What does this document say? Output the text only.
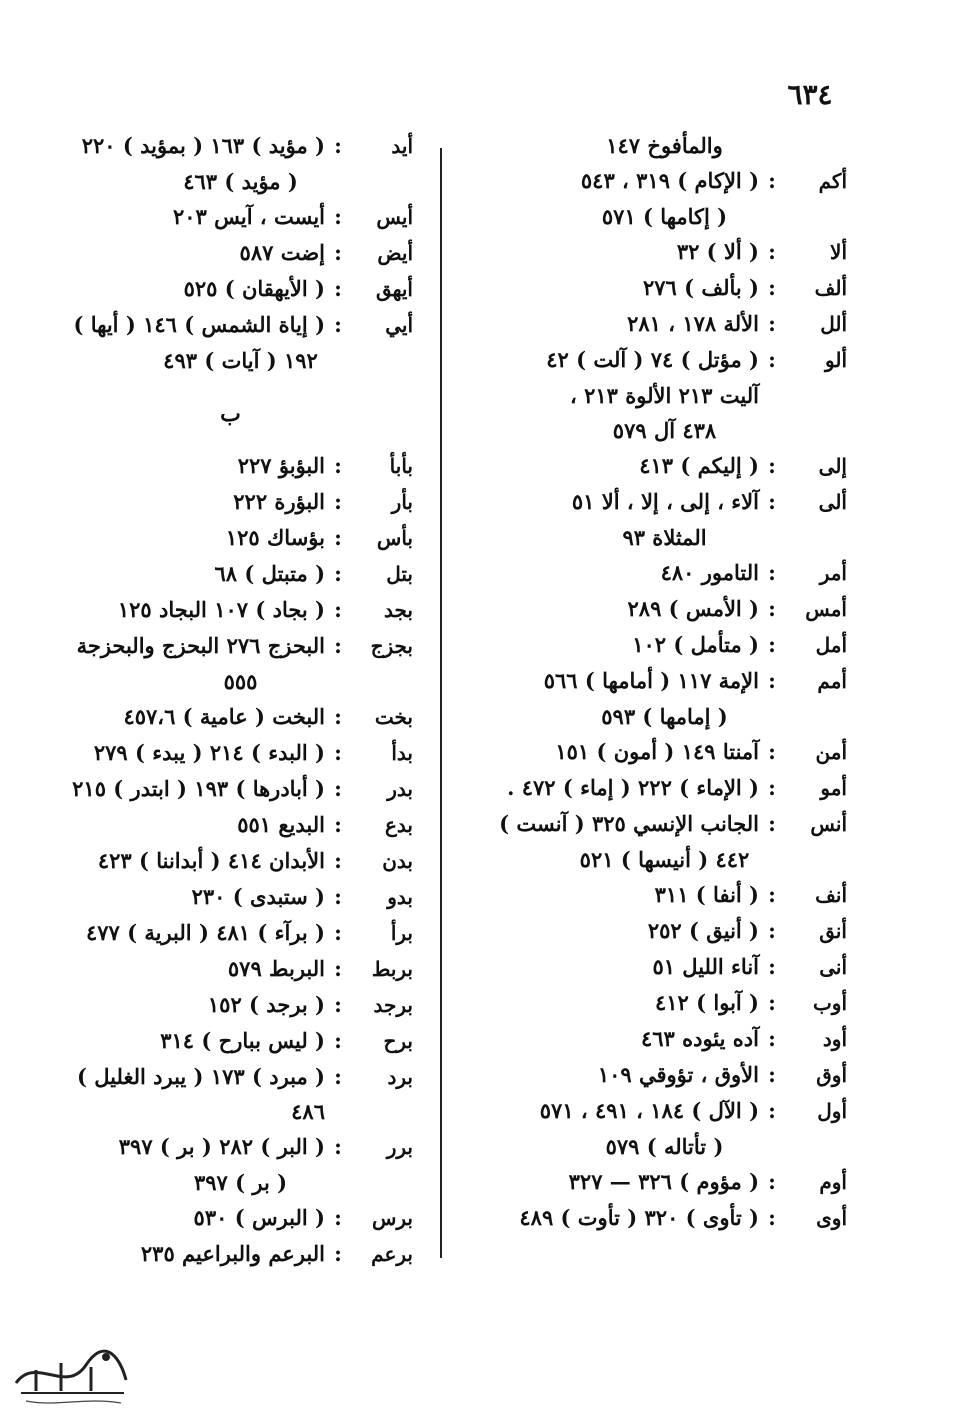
٦٣٤
والمأفوخ ١٤٧
أكم
:
( الإكام ) ٣١٩ ، ٥٤٣
( إكامها ) ٥٧١
ألا
:
( ألا ) ٣٢
ألف
:
( بألف ) ٢٧٦
ألل
:
الألة ١٧٨ ، ٢٨١
ألو
:
( مؤتل ) ٧٤ ( آلت ) ٤٢
آليت ٢١٣ الألوة ٢١٣ ،
٤٣٨ آل ٥٧٩
إلى
:
( إليكم ) ٤١٣
ألى
:
آلاء ، إلى ، إلا ، ألا ٥١
المثلاة ٩٣
أمر
:
التامور ٤٨٠
أمس
:
( الأمس ) ٢٨٩
أمل
:
( متأمل ) ١٠٢
أمم
:
الإمة ١١٧ ( أمامها ) ٥٦٦
( إمامها ) ٥٩٣
أمن
:
آمنتا ١٤٩ ( أمون ) ١٥١
أمو
:
( الإماء ) ٢٢٢ ( إماء ) ٤٧٢ .
أنس
:
الجانب الإنسي ٣٢٥ ( آنست )
٤٤٢ ( أنيسها ) ٥٢١
أنف
:
( أنفا ) ٣١١
أنق
:
( أنيق ) ٢٥٢
أنى
:
آناء الليل ٥١
أوب
:
( آبوا ) ٤١٢
أود
:
آده يئوده ٤٦٣
أوق
:
الأوق ، تؤوقي ١٠٩
أول
:
( الآل ) ١٨٤ ، ٤٩١ ، ٥٧١
( تأتاله ) ٥٧٩
أوم
:
( مؤوم ) ٣٢٦ — ٣٢٧
أوى
:
( تأوى ) ٣٢٠ ( تأوت ) ٤٨٩
أيد
:
( مؤيد ) ١٦٣ ( بمؤيد ) ٢٢٠
( مؤيد ) ٤٦٣
أيس
:
أيست ، آيس ٢٠٣
أيض
:
إضت ٥٨٧
أيهق
:
( الأيهقان ) ٥٢٥
أيي
:
( إياة الشمس ) ١٤٦ ( أيها )
١٩٢ ( آيات ) ٤٩٣
ب
بأبأ
:
البؤبؤ ٢٢٧
بأر
:
البؤرة ٢٢٢
بأس
:
بؤساك ١٢٥
بتل
:
( متبتل ) ٦٨
بجد
:
( بجاد ) ١٠٧ البجاد ١٢٥
بجزج
:
البحزج ٢٧٦ البحزج والبحزجة
٥٥٥
بخت
:
البخت ( عامية ) ٤٥٧،٦
بدأ
:
( البدء ) ٢١٤ ( يبدء ) ٢٧٩
بدر
:
( أبادرها ) ١٩٣ ( ابتدر ) ٢١٥
بدع
:
البديع ٥٥١
بدن
:
الأبدان ٤١٤ ( أبداننا ) ٤٢٣
بدو
:
( ستبدى ) ٢٣٠
برأ
:
( برآء ) ٤٨١ ( البرية ) ٤٧٧
بربط
:
البربط ٥٧٩
برجد
:
( برجد ) ١٥٢
برح
:
( ليس ببارح ) ٣١٤
برد
:
( مبرد ) ١٧٣ ( يبرد الغليل ) ٤٨٦
برر
:
( البر ) ٢٨٢ ( بر ) ٣٩٧
( بر ) ٣٩٧
برس
:
( البرس ) ٥٣٠
برعم
:
البرعم والبراعيم ٢٣٥
